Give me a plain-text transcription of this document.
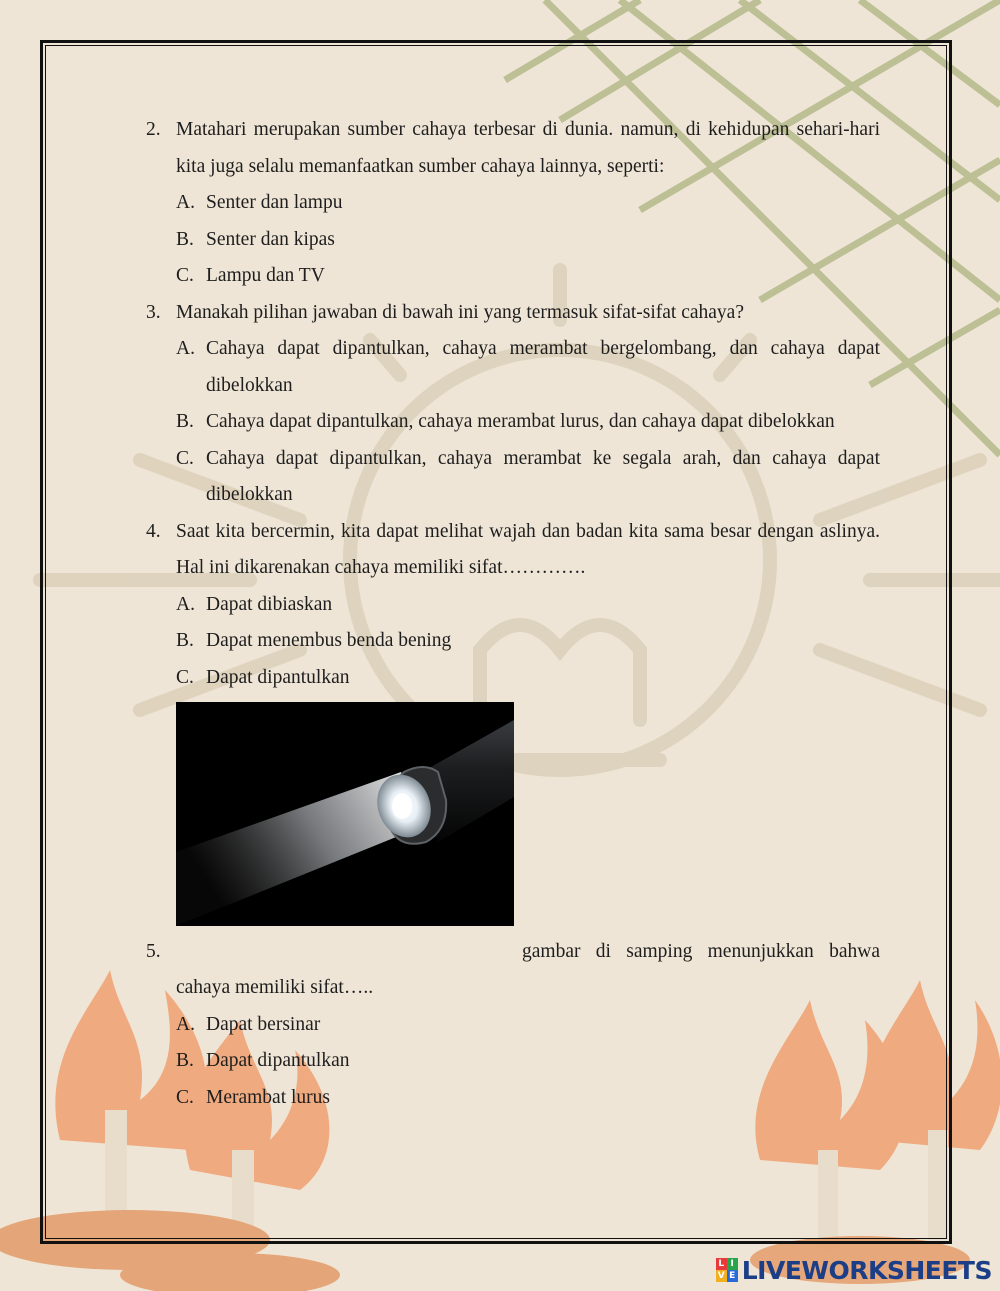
2. Matahari merupakan sumber cahaya terbesar di dunia. namun, di kehidupan sehari-hari kita juga selalu memanfaatkan sumber cahaya lainnya, seperti:
A. Senter dan lampu
B. Senter dan kipas
C. Lampu dan TV
3. Manakah pilihan jawaban di bawah ini yang termasuk sifat-sifat cahaya?
A. Cahaya dapat dipantulkan, cahaya merambat bergelombang, dan cahaya dapat dibelokkan
B. Cahaya dapat dipantulkan, cahaya merambat lurus, dan cahaya dapat dibelokkan
C. Cahaya dapat dipantulkan, cahaya merambat ke segala arah, dan cahaya dapat dibelokkan
4. Saat kita bercermin, kita dapat melihat wajah dan badan kita sama besar dengan aslinya. Hal ini dikarenakan cahaya memiliki sifat………….
A. Dapat dibiaskan
B. Dapat menembus benda bening
C. Dapat dipantulkan
5.	gambar di samping menunjukkan bahwa
cahaya memiliki sifat…..
A. Dapat bersinar
B. Dapat dipantulkan
C. Merambat lurus
L I
V E LIVEWORKSHEETS
